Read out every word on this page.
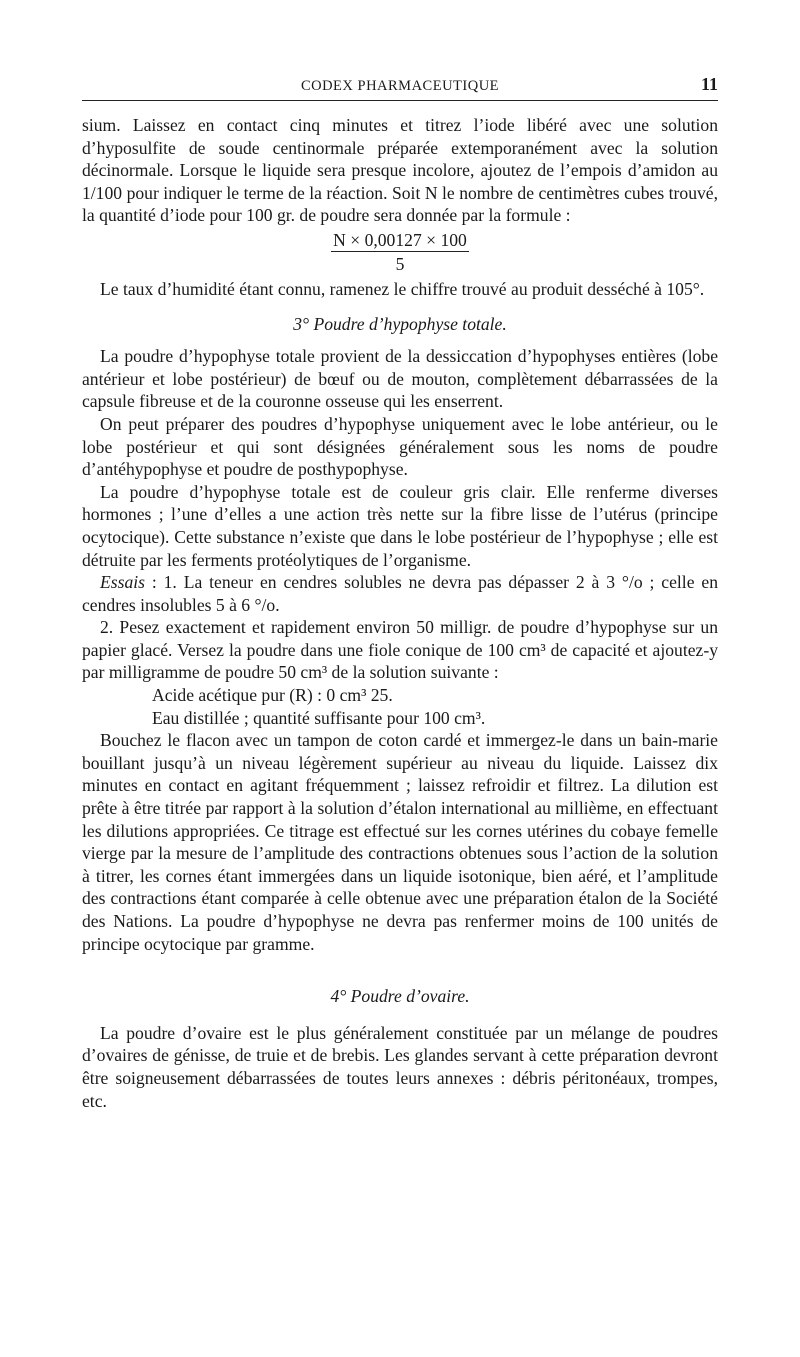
CODEX PHARMACEUTIQUE	11

sium. Laissez en contact cinq minutes et titrez l’iode libéré avec une solution d’hyposulfite de soude centinormale préparée extemporanément avec la solution décinormale. Lorsque le liquide sera presque incolore, ajoutez de l’empois d’amidon au 1/100 pour indiquer le terme de la réaction. Soit N le nombre de centimètres cubes trouvé, la quantité d’iode pour 100 gr. de poudre sera donnée par la formule :

N × 0,00127 × 100
5

Le taux d’humidité étant connu, ramenez le chiffre trouvé au produit desséché à 105°.

3° Poudre d’hypophyse totale.

La poudre d’hypophyse totale provient de la dessiccation d’hypophyses entières (lobe antérieur et lobe postérieur) de bœuf ou de mouton, complètement débarrassées de la capsule fibreuse et de la couronne osseuse qui les enserrent.

On peut préparer des poudres d’hypophyse uniquement avec le lobe antérieur, ou le lobe postérieur et qui sont désignées généralement sous les noms de poudre d’antéhypophyse et poudre de posthypophyse.

La poudre d’hypophyse totale est de couleur gris clair. Elle renferme diverses hormones ; l’une d’elles a une action très nette sur la fibre lisse de l’utérus (principe ocytocique). Cette substance n’existe que dans le lobe postérieur de l’hypophyse ; elle est détruite par les ferments protéolytiques de l’organisme.

Essais : 1. La teneur en cendres solubles ne devra pas dépasser 2 à 3 °/o ; celle en cendres insolubles 5 à 6 °/o.

2. Pesez exactement et rapidement environ 50 milligr. de poudre d’hypophyse sur un papier glacé. Versez la poudre dans une fiole conique de 100 cm³ de capacité et ajoutez-y par milligramme de poudre 50 cm³ de la solution suivante :

Acide acétique pur (R) : 0 cm³ 25.

Eau distillée ; quantité suffisante pour 100 cm³.

Bouchez le flacon avec un tampon de coton cardé et immergez-le dans un bain-marie bouillant jusqu’à un niveau légèrement supérieur au niveau du liquide. Laissez dix minutes en contact en agitant fréquemment ; laissez refroidir et filtrez. La dilution est prête à être titrée par rapport à la solution d’étalon international au millième, en effectuant les dilutions appropriées. Ce titrage est effectué sur les cornes utérines du cobaye femelle vierge par la mesure de l’amplitude des contractions obtenues sous l’action de la solution à titrer, les cornes étant immergées dans un liquide isotonique, bien aéré, et l’amplitude des contractions étant comparée à celle obtenue avec une préparation étalon de la Société des Nations. La poudre d’hypophyse ne devra pas renfermer moins de 100 unités de principe ocytocique par gramme.

4° Poudre d’ovaire.

La poudre d’ovaire est le plus généralement constituée par un mélange de poudres d’ovaires de génisse, de truie et de brebis. Les glandes servant à cette préparation devront être soigneusement débarrassées de toutes leurs annexes : débris péritonéaux, trompes, etc.
